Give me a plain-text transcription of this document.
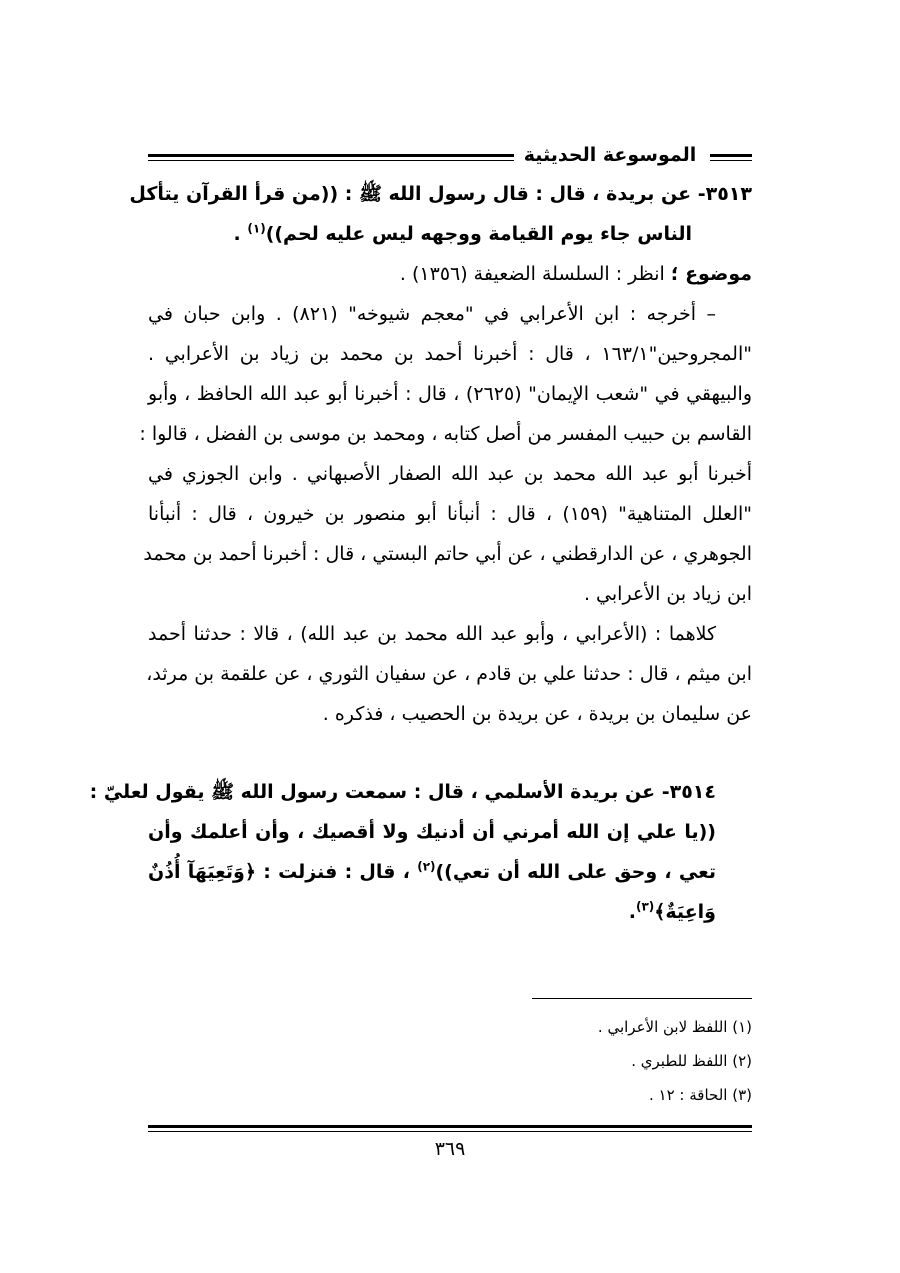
الموسوعة الحديثية
٣٥١٣- عن بريدة ، قال : قال رسول الله ﷺ : ((من قرأ القرآن يتأكل
الناس جاء يوم القيامة ووجهه ليس عليه لحم))$^{(١)}$ .
موضوع ؛ انظر : السلسلة الضعيفة (١٣٥٦) .
– أخرجه : ابن الأعرابي في "معجم شيوخه" (٨٢١) . وابن حبان في
"المجروحين"١٦٣/١ ، قال : أخبرنا أحمد بن محمد بن زياد بن الأعرابي .
والبيهقي في "شعب الإيمان" (٢٦٢٥) ، قال : أخبرنا أبو عبد الله الحافظ ، وأبو
القاسم بن حبيب المفسر من أصل كتابه ، ومحمد بن موسى بن الفضل ، قالوا :
أخبرنا أبو عبد الله محمد بن عبد الله الصفار الأصبهاني . وابن الجوزي في
"العلل المتناهية" (١٥٩) ، قال : أنبأنا أبو منصور بن خيرون ، قال : أنبأنا
الجوهري ، عن الدارقطني ، عن أبي حاتم البستي ، قال : أخبرنا أحمد بن محمد
ابن زياد بن الأعرابي .
كلاهما : (الأعرابي ، وأبو عبد الله محمد بن عبد الله) ، قالا : حدثنا أحمد
ابن ميثم ، قال : حدثنا علي بن قادم ، عن سفيان الثوري ، عن علقمة بن مرثد،
عن سليمان بن بريدة ، عن بريدة بن الحصيب ، فذكره .
٣٥١٤- عن بريدة الأسلمي ، قال : سمعت رسول الله ﷺ يقول لعليّ :
((يا علي إن الله أمرني أن أدنيك ولا أقصيك ، وأن أعلمك وأن
تعي ، وحق على الله أن تعي))$^{(٢)}$ ، قال : فنزلت : ﴿وَتَعِيَهَآ أُذُنٌ
وَاعِيَةٌ﴾$^{(٣)}$.
(١) اللفظ لابن الأعرابي .
(٢) اللفظ للطبري .
(٣) الحاقة : ١٢ .
٣٦٩
